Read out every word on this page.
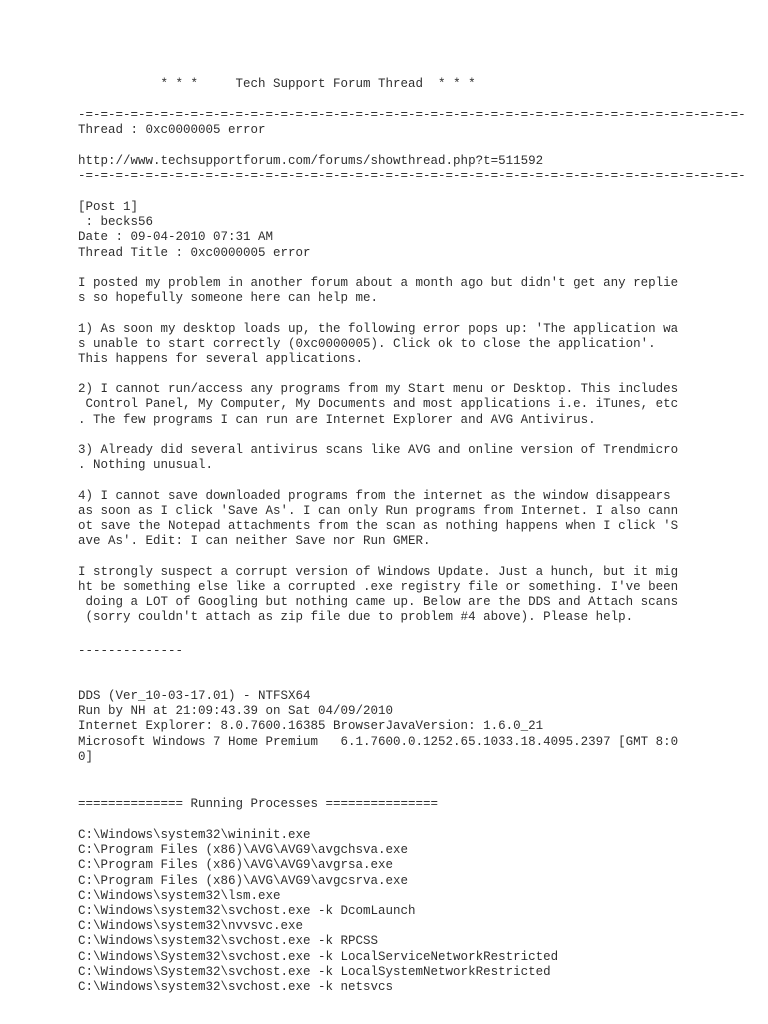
* * *     Tech Support Forum Thread  * * *
-=-=-=-=-=-=-=-=-=-=-=-=-=-=-=-=-=-=-=-=-=-=-=-=-=-=-=-=-=-=-=-=-=-=-=-=-=-=-=-=-=-=-=-=-
Thread : 0xc0000005 error
http://www.techsupportforum.com/forums/showthread.php?t=511592
-=-=-=-=-=-=-=-=-=-=-=-=-=-=-=-=-=-=-=-=-=-=-=-=-=-=-=-=-=-=-=-=-=-=-=-=-=-=-=-=-=-=-=-=-
[Post 1]
: becks56
Date : 09-04-2010 07:31 AM
Thread Title : 0xc0000005 error
I posted my problem in another forum about a month ago but didn't get any replie
s so hopefully someone here can help me.
1) As soon my desktop loads up, the following error pops up: 'The application wa
s unable to start correctly (0xc0000005). Click ok to close the application'.
This happens for several applications.
2) I cannot run/access any programs from my Start menu or Desktop. This includes
Control Panel, My Computer, My Documents and most applications i.e. iTunes, etc
. The few programs I can run are Internet Explorer and AVG Antivirus.
3) Already did several antivirus scans like AVG and online version of Trendmicro
. Nothing unusual.
4) I cannot save downloaded programs from the internet as the window disappears
as soon as I click 'Save As'. I can only Run programs from Internet. I also cann
ot save the Notepad attachments from the scan as nothing happens when I click 'S
ave As'. Edit: I can neither Save nor Run GMER.
I strongly suspect a corrupt version of Windows Update. Just a hunch, but it mig
ht be something else like a corrupted .exe registry file or something. I've been
doing a LOT of Googling but nothing came up. Below are the DDS and Attach scans
(sorry couldn't attach as zip file due to problem #4 above). Please help.
--------------
DDS (Ver_10-03-17.01) - NTFSX64
Run by NH at 21:09:43.39 on Sat 04/09/2010
Internet Explorer: 8.0.7600.16385 BrowserJavaVersion: 1.6.0_21
Microsoft Windows 7 Home Premium   6.1.7600.0.1252.65.1033.18.4095.2397 [GMT 8:0
0]
============== Running Processes ===============
C:\Windows\system32\wininit.exe
C:\Program Files (x86)\AVG\AVG9\avgchsva.exe
C:\Program Files (x86)\AVG\AVG9\avgrsa.exe
C:\Program Files (x86)\AVG\AVG9\avgcsrva.exe
C:\Windows\system32\lsm.exe
C:\Windows\system32\svchost.exe -k DcomLaunch
C:\Windows\system32\nvvsvc.exe
C:\Windows\system32\svchost.exe -k RPCSS
C:\Windows\System32\svchost.exe -k LocalServiceNetworkRestricted
C:\Windows\System32\svchost.exe -k LocalSystemNetworkRestricted
C:\Windows\system32\svchost.exe -k netsvcs
